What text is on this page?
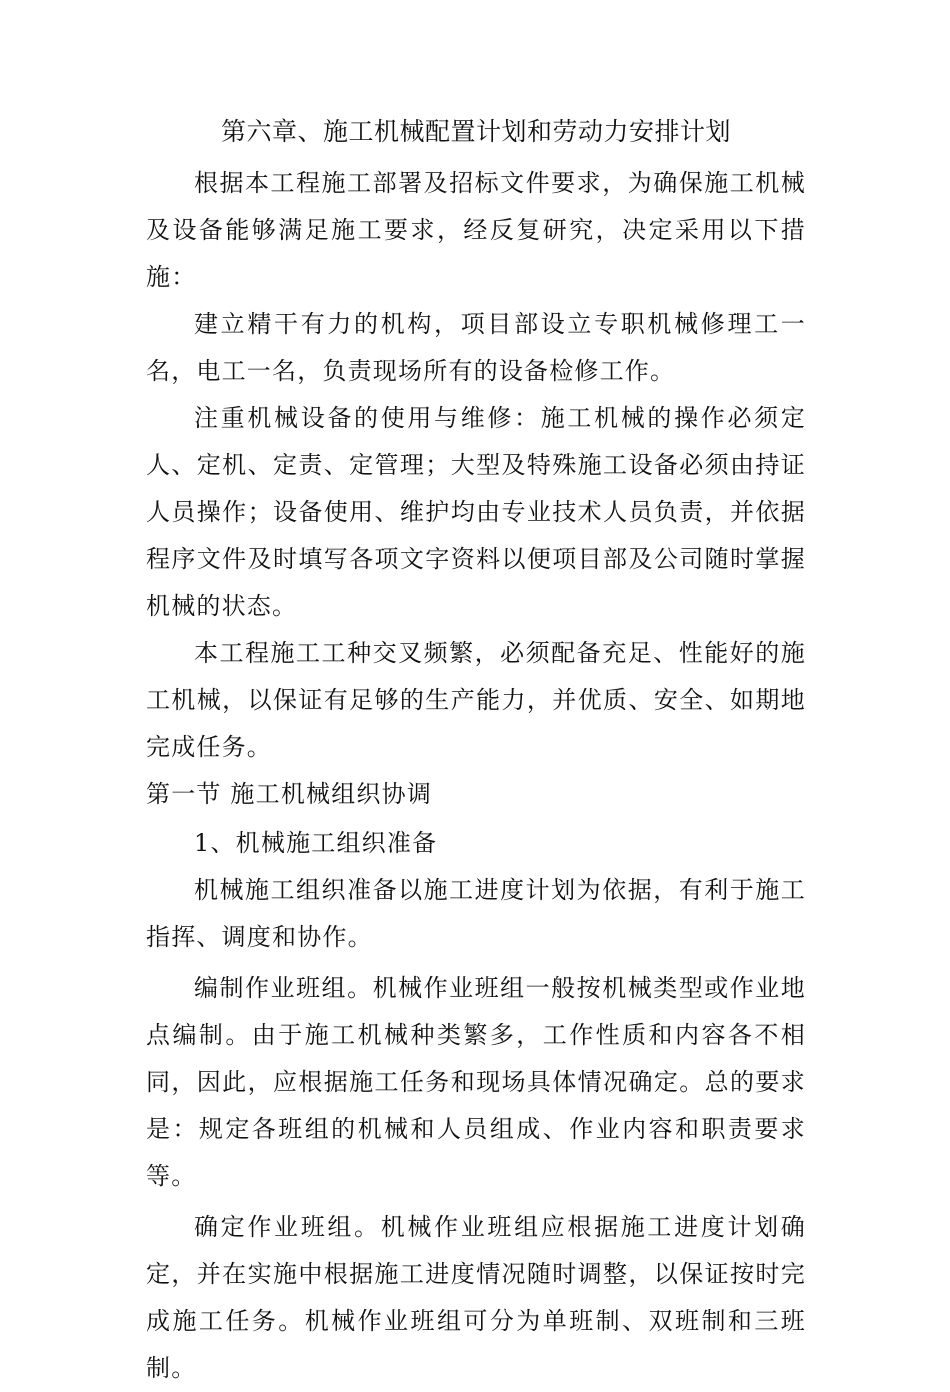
第六章、施工机械配置计划和劳动力安排计划

根据本工程施工部署及招标文件要求，为确保施工机械及设备能够满足施工要求，经反复研究，决定采用以下措施：

建立精干有力的机构，项目部设立专职机械修理工一名，电工一名，负责现场所有的设备检修工作。

注重机械设备的使用与维修：施工机械的操作必须定人、定机、定责、定管理；大型及特殊施工设备必须由持证人员操作；设备使用、维护均由专业技术人员负责，并依据程序文件及时填写各项文字资料以便项目部及公司随时掌握机械的状态。

本工程施工工种交叉频繁，必须配备充足、性能好的施工机械，以保证有足够的生产能力，并优质、安全、如期地完成任务。

第一节 施工机械组织协调
1、机械施工组织准备

机械施工组织准备以施工进度计划为依据，有利于施工指挥、调度和协作。

编制作业班组。机械作业班组一般按机械类型或作业地点编制。由于施工机械种类繁多，工作性质和内容各不相同，因此，应根据施工任务和现场具体情况确定。总的要求是：规定各班组的机械和人员组成、作业内容和职责要求等。

确定作业班组。机械作业班组应根据施工进度计划确定，并在实施中根据施工进度情况随时调整，以保证按时完成施工任务。机械作业班组可分为单班制、双班制和三班制。
